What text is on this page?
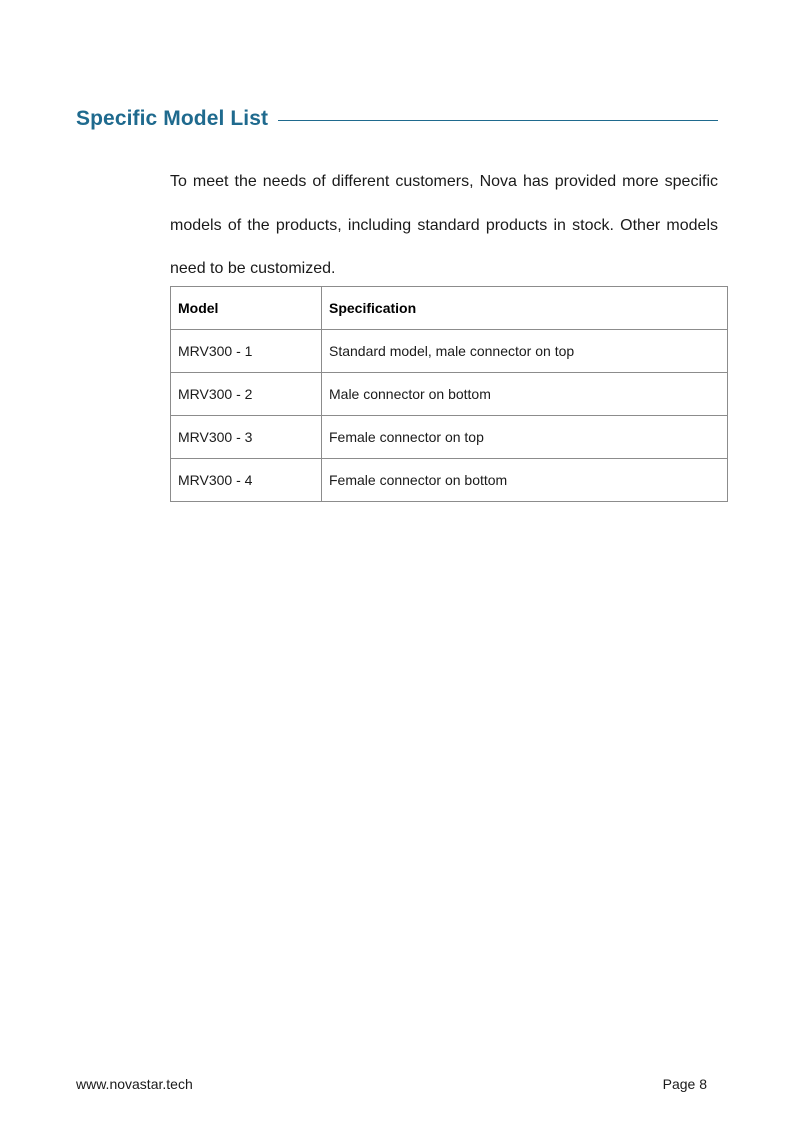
Specific Model List

To meet the needs of different customers, Nova has provided more specific models of the products, including standard products in stock. Other models need to be customized.

Model	Specification
MRV300 - 1	Standard model, male connector on top
MRV300 - 2	Male connector on bottom
MRV300 - 3	Female connector on top
MRV300 - 4	Female connector on bottom
www.novastar.tech	Page 8
